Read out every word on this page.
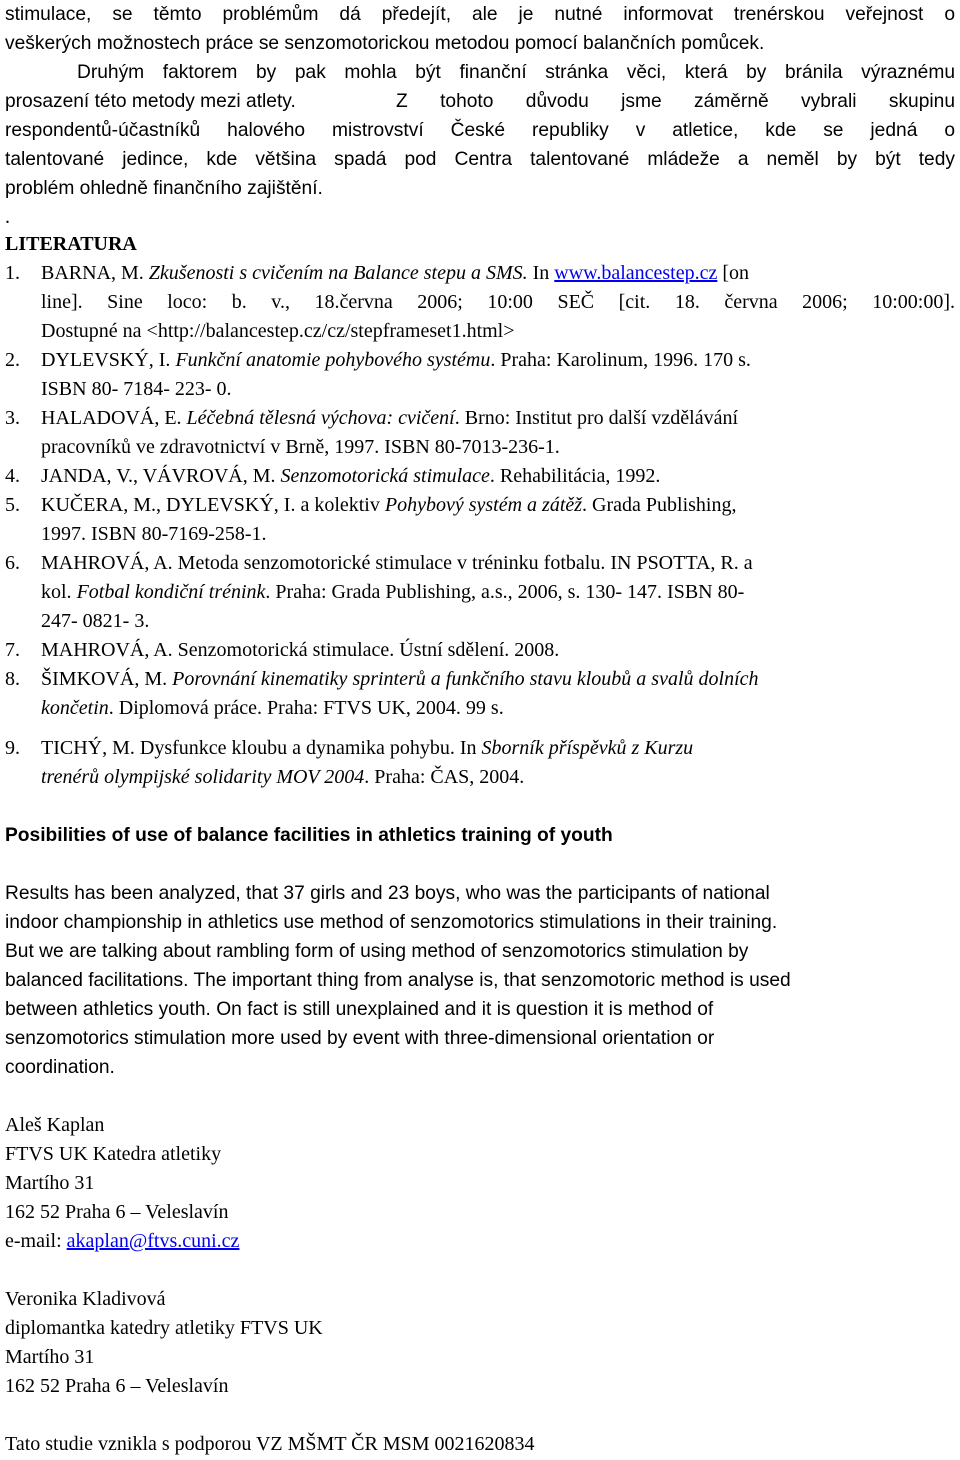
stimulace, se těmto problémům dá předejít, ale je nutné informovat trenérskou veřejnost o
veškerých možnostech práce se senzomotorickou metodou pomocí balančních pomůcek.
Druhým faktorem by pak mohla být finanční stránka věci, která by bránila výraznému
prosazení této metody mezi atlety.	Z tohoto důvodu jsme záměrně vybrali skupinu
respondentů-účastníků halového mistrovství České republiky v atletice, kde se jedná o
talentované jedince, kde většina spadá pod Centra talentované mládeže a neměl by být tedy
problém ohledně finančního zajištění.
.
LITERATURA
1. BARNA, M. Zkušenosti s cvičením na Balance stepu a SMS. In www.balancestep.cz [on
line]. Sine loco: b. v., 18.června 2006; 10:00 SEČ [cit. 18. června 2006; 10:00:00].
Dostupné na <http://balancestep.cz/cz/stepframeset1.html>
2. DYLEVSKÝ, I. Funkční anatomie pohybového systému. Praha: Karolinum, 1996. 170 s.
ISBN 80- 7184- 223- 0.
3. HALADOVÁ, E. Léčebná tělesná výchova: cvičení. Brno: Institut pro další vzdělávání
pracovníků ve zdravotnictví v Brně, 1997. ISBN 80-7013-236-1.
4. JANDA, V., VÁVROVÁ, M. Senzomotorická stimulace. Rehabilitácia, 1992.
5. KUČERA, M., DYLEVSKÝ, I. a kolektiv Pohybový systém a zátěž. Grada Publishing,
1997. ISBN 80-7169-258-1.
6. MAHROVÁ, A. Metoda senzomotorické stimulace v tréninku fotbalu. IN PSOTTA, R. a
kol. Fotbal kondiční trénink. Praha: Grada Publishing, a.s., 2006, s. 130- 147. ISBN 80-
247- 0821- 3.
7. MAHROVÁ, A. Senzomotorická stimulace. Ústní sdělení. 2008.
8. ŠIMKOVÁ, M. Porovnání kinematiky sprinterů a funkčního stavu kloubů a svalů dolních
končetin. Diplomová práce. Praha: FTVS UK, 2004. 99 s.
9. TICHÝ, M. Dysfunkce kloubu a dynamika pohybu. In Sborník příspěvků z Kurzu
trenérů olympijské solidarity MOV 2004. Praha: ČAS, 2004.
Posibilities of use of balance facilities in athletics training of youth
Results has been analyzed, that 37 girls and 23 boys, who was the participants of national
indoor championship in athletics use method of senzomotorics stimulations in their training.
But we are talking about rambling form of using method of senzomotorics stimulation by
balanced facilitations. The important thing from analyse is, that senzomotoric method is used
between athletics youth. On fact is still unexplained and it is question it is method of
senzomotorics stimulation more used by event with three-dimensional orientation or
coordination.
Aleš Kaplan
FTVS UK Katedra atletiky
Martího 31
162 52 Praha 6 – Veleslavín
e-mail: akaplan@ftvs.cuni.cz
Veronika Kladivová
diplomantka katedry atletiky FTVS UK
Martího 31
162 52 Praha 6 – Veleslavín
Tato studie vznikla s podporou VZ MŠMT ČR MSM 0021620834
